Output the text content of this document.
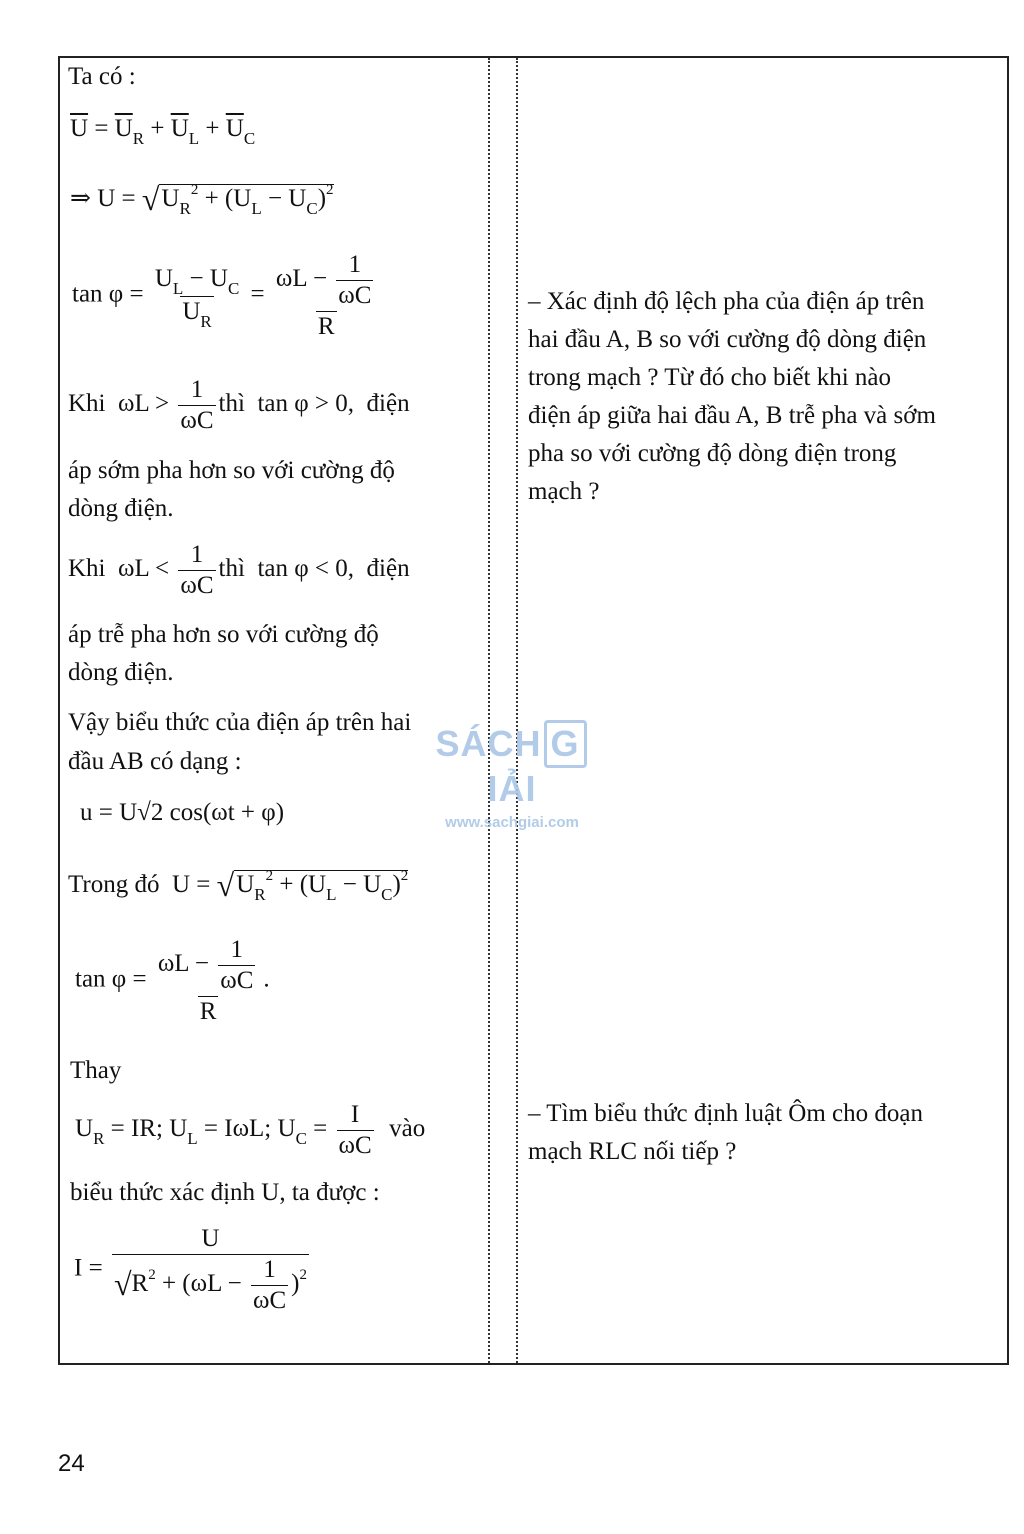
Ta có :
$\overline{U} = \overline{U}_R + \overline{U}_L + \overline{U}_C$
⇒ $U = √U_R^2 + (U_L - U_C)^2$
$\tan \varphi = \frac{U_L - U_C}{U_R} = \frac{\omega L - \frac{1}{\omega C}}{R}$
Khi $\omega L > \frac{1}{\omega C}$ thì tan φ > 0, điện
áp sớm pha hơn so với cường độ
dòng điện.
Khi $\omega L < \frac{1}{\omega C}$ thì tan φ < 0, điện
áp trễ pha hơn so với cường độ
dòng điện.
Vậy biểu thức của điện áp trên hai
đầu AB có dạng :
u = U√2 cos(ωt + φ)
Trong đó  $U = √U_R^2 + (U_L - U_C)^2$
$\tan \varphi = \frac{\omega L - \frac{1}{\omega C}}{R}$ .
Thay
$U_R$ = IR; $U_L = I\omega L$; $U_C = \frac{I}{\omega C}$ vào
biểu thức xác định U, ta được :
$I = \frac{U}{√R^2 + (\omega L - \frac{1}{\omega C} )^2}$
– Xác định độ lệch pha của điện áp trên
hai đầu A, B so với cường độ dòng điện
trong mạch ? Từ đó cho biết khi nào
điện áp giữa hai đầu A, B trễ pha và sớm
pha so với cường độ dòng điện trong
mạch ?
– Tìm biểu thức định luật Ôm cho đoạn
mạch RLC nối tiếp ?
SÁCH GIẢI
www.sachgiai.com
24
